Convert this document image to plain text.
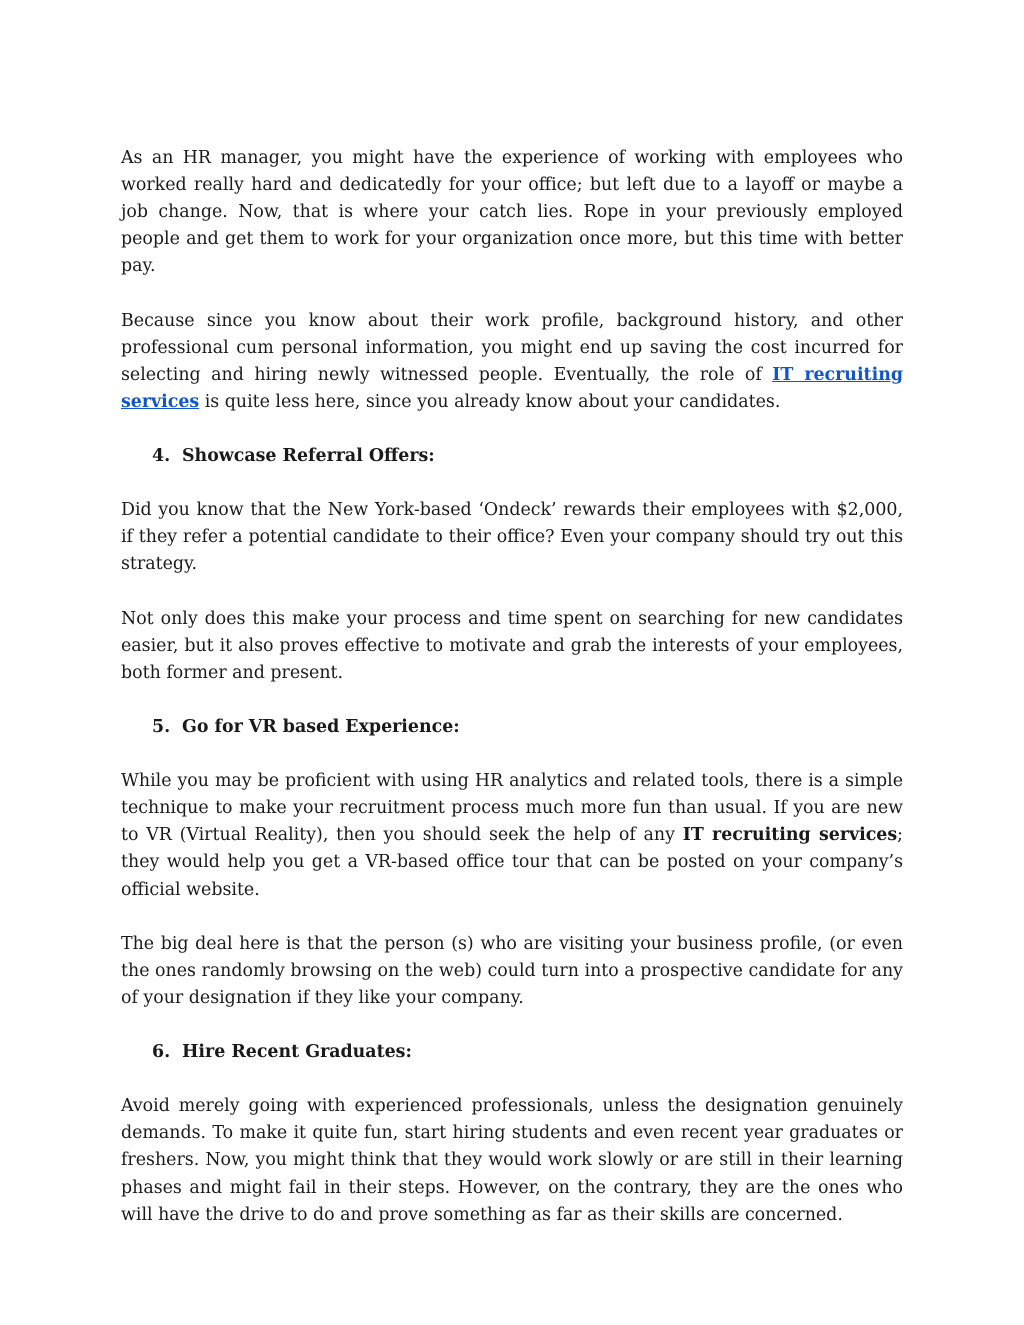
As an HR manager, you might have the experience of working with employees who worked really hard and dedicatedly for your office; but left due to a layoff or maybe a job change. Now, that is where your catch lies. Rope in your previously employed people and get them to work for your organization once more, but this time with better pay.

Because since you know about their work profile, background history, and other professional cum personal information, you might end up saving the cost incurred for selecting and hiring newly witnessed people. Eventually, the role of IT recruiting services is quite less here, since you already know about your candidates.

4. Showcase Referral Offers:

Did you know that the New York-based ‘Ondeck’ rewards their employees with $2,000, if they refer a potential candidate to their office? Even your company should try out this strategy.

Not only does this make your process and time spent on searching for new candidates easier, but it also proves effective to motivate and grab the interests of your employees, both former and present.

5. Go for VR based Experience:

While you may be proficient with using HR analytics and related tools, there is a simple technique to make your recruitment process much more fun than usual. If you are new to VR (Virtual Reality), then you should seek the help of any IT recruiting services; they would help you get a VR-based office tour that can be posted on your company’s official website.

The big deal here is that the person (s) who are visiting your business profile, (or even the ones randomly browsing on the web) could turn into a prospective candidate for any of your designation if they like your company.

6. Hire Recent Graduates:

Avoid merely going with experienced professionals, unless the designation genuinely demands. To make it quite fun, start hiring students and even recent year graduates or freshers. Now, you might think that they would work slowly or are still in their learning phases and might fail in their steps. However, on the contrary, they are the ones who will have the drive to do and prove something as far as their skills are concerned.
